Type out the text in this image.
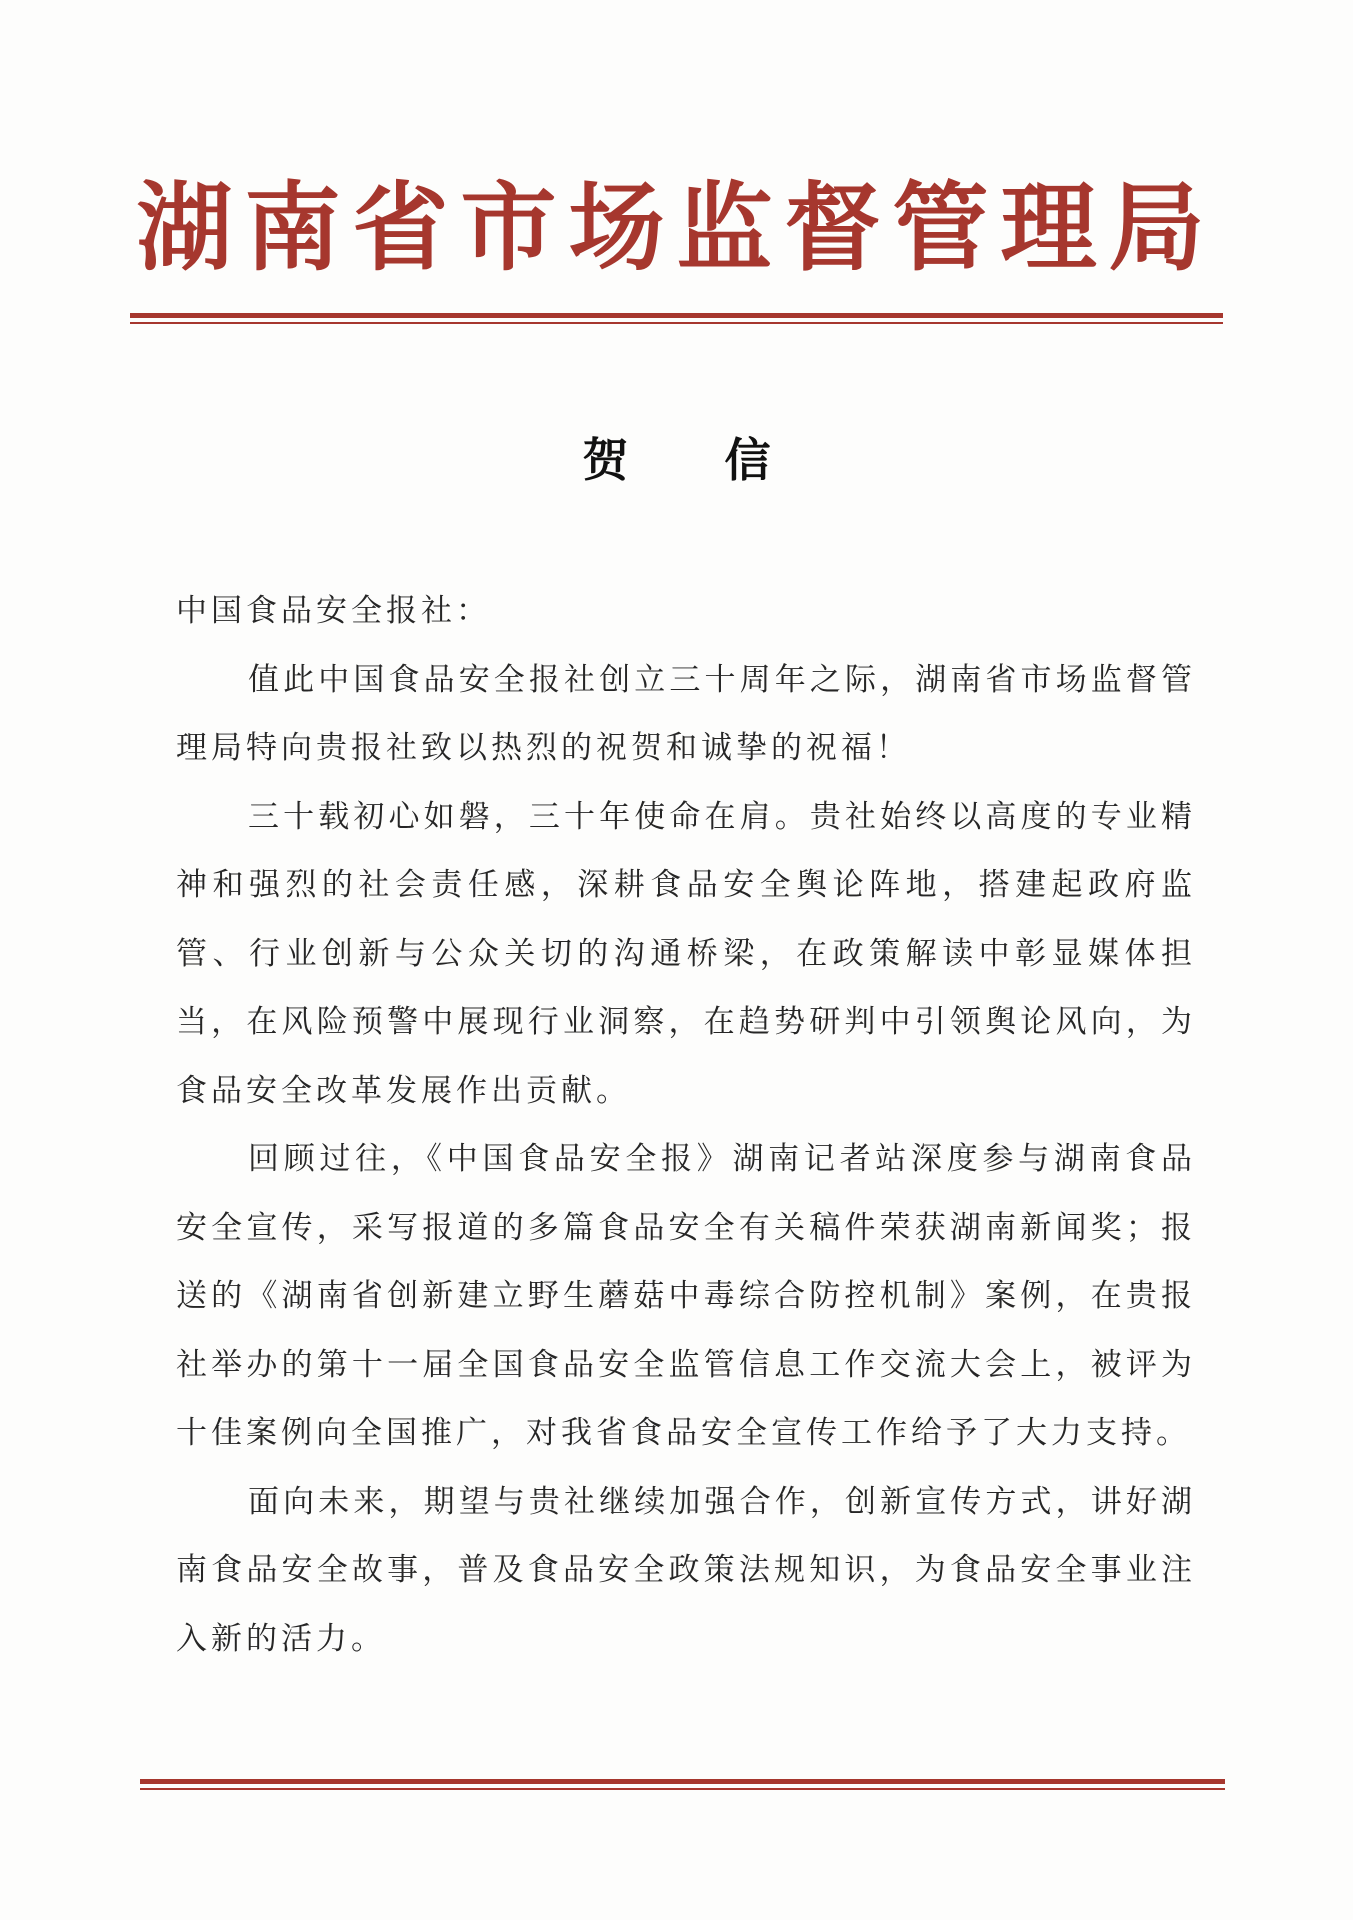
湖南省市场监督管理局
贺 信

中国食品安全报社：

值此中国食品安全报社创立三十周年之际，湖南省市场监督管理局特向贵报社致以热烈的祝贺和诚挚的祝福！

三十载初心如磐，三十年使命在肩。贵社始终以高度的专业精神和强烈的社会责任感，深耕食品安全舆论阵地，搭建起政府监管、行业创新与公众关切的沟通桥梁，在政策解读中彰显媒体担当，在风险预警中展现行业洞察，在趋势研判中引领舆论风向，为食品安全改革发展作出贡献。

回顾过往，《中国食品安全报》湖南记者站深度参与湖南食品安全宣传，采写报道的多篇食品安全有关稿件荣获湖南新闻奖；报送的《湖南省创新建立野生蘑菇中毒综合防控机制》案例，在贵报社举办的第十一届全国食品安全监管信息工作交流大会上，被评为十佳案例向全国推广，对我省食品安全宣传工作给予了大力支持。

面向未来，期望与贵社继续加强合作，创新宣传方式，讲好湖南食品安全故事，普及食品安全政策法规知识，为食品安全事业注入新的活力。
